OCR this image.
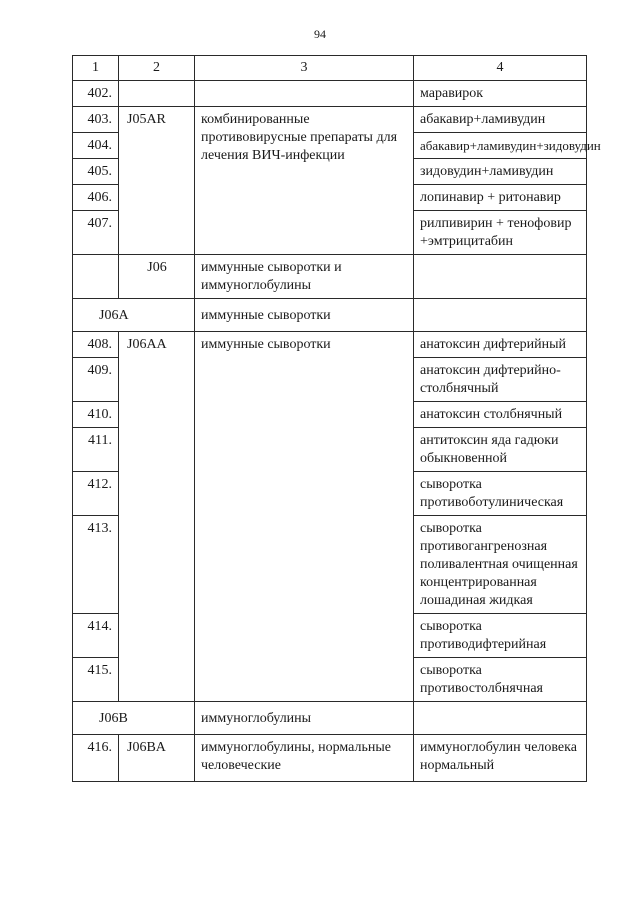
94
1	2	3	4
402.			маравирок
403.	J05AR	комбинированные противовирусные препараты для лечения ВИЧ-инфекции	абакавир+ламивудин
404.			абакавир+ламивудин+зидовудин
405.			зидовудин+ламивудин
406.			лопинавир + ритонавир
407.			рилпивирин + тенофовир +эмтрицитабин
	J06	иммунные сыворотки и иммуноглобулины	
J06A		иммунные сыворотки	
408.	J06AA	иммунные сыворотки	анатоксин дифтерийный
409.			анатоксин дифтерийно-столбнячный
410.			анатоксин столбнячный
411.			антитоксин яда гадюки обыкновенной
412.			сыворотка противоботулиническая
413.			сыворотка противогангренозная поливалентная очищенная концентрированная лошадиная жидкая
414.			сыворотка противодифтерийная
415.			сыворотка противостолбнячная
J06B		иммуноглобулины	
416.	J06BA	иммуноглобулины, нормальные человеческие	иммуноглобулин человека нормальный
